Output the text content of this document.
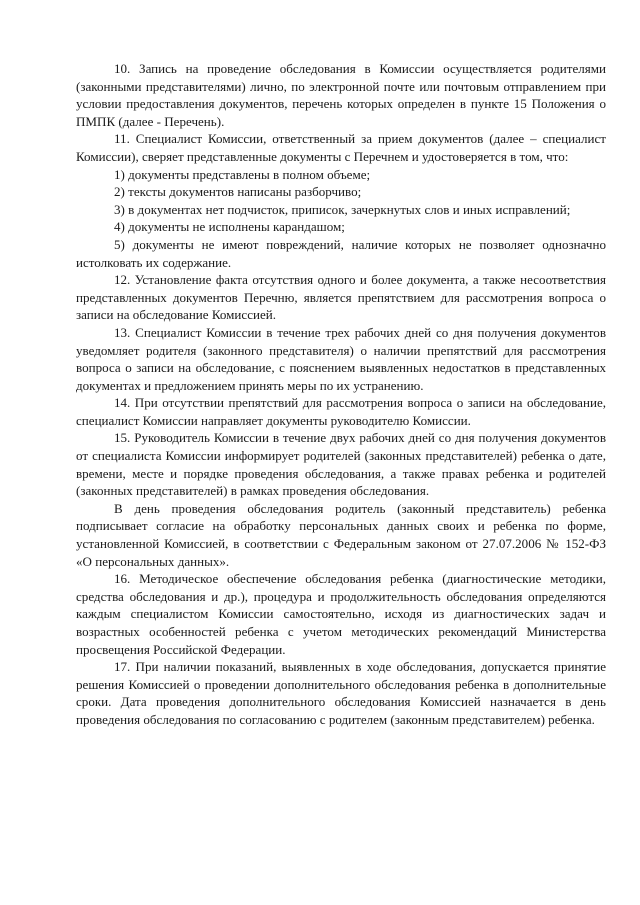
10. Запись на проведение обследования в Комиссии осуществляется родителями (законными представителями) лично, по электронной почте или почтовым отправлением при условии предоставления документов, перечень которых определен в пункте 15 Положения о ПМПК (далее - Перечень).

11. Специалист Комиссии, ответственный за прием документов (далее – специалист Комиссии), сверяет представленные документы с Перечнем и удостоверяется в том, что:

1) документы представлены в полном объеме;

2) тексты документов написаны разборчиво;

3) в документах нет подчисток, приписок, зачеркнутых слов и иных исправлений;

4) документы не исполнены карандашом;

5) документы не имеют повреждений, наличие которых не позволяет однозначно истолковать их содержание.

12. Установление факта отсутствия одного и более документа, а также несоответствия представленных документов Перечню, является препятствием для рассмотрения вопроса о записи на обследование Комиссией.

13. Специалист Комиссии в течение трех рабочих дней со дня получения документов уведомляет родителя (законного представителя) о наличии препятствий для рассмотрения вопроса о записи на обследование, с пояснением выявленных недостатков в представленных документах и предложением принять меры по их устранению.

14. При отсутствии препятствий для рассмотрения вопроса о записи на обследование, специалист Комиссии направляет документы руководителю Комиссии.

15. Руководитель Комиссии в течение двух рабочих дней со дня получения документов от специалиста Комиссии информирует родителей (законных представителей) ребенка о дате, времени, месте и порядке проведения обследования, а также правах ребенка и родителей (законных представителей) в рамках проведения обследования.

В день проведения обследования родитель (законный представитель) ребенка подписывает согласие на обработку персональных данных своих и ребенка по форме, установленной Комиссией, в соответствии с Федеральным законом от 27.07.2006 № 152-ФЗ «О персональных данных».

16. Методическое обеспечение обследования ребенка (диагностические методики, средства обследования и др.), процедура и продолжительность обследования определяются каждым специалистом Комиссии самостоятельно, исходя из диагностических задач и возрастных особенностей ребенка с учетом методических рекомендаций Министерства просвещения Российской Федерации.

17. При наличии показаний, выявленных в ходе обследования, допускается принятие решения Комиссией о проведении дополнительного обследования ребенка в дополнительные сроки. Дата проведения дополнительного обследования Комиссией назначается в день проведения обследования по согласованию с родителем (законным представителем) ребенка.
